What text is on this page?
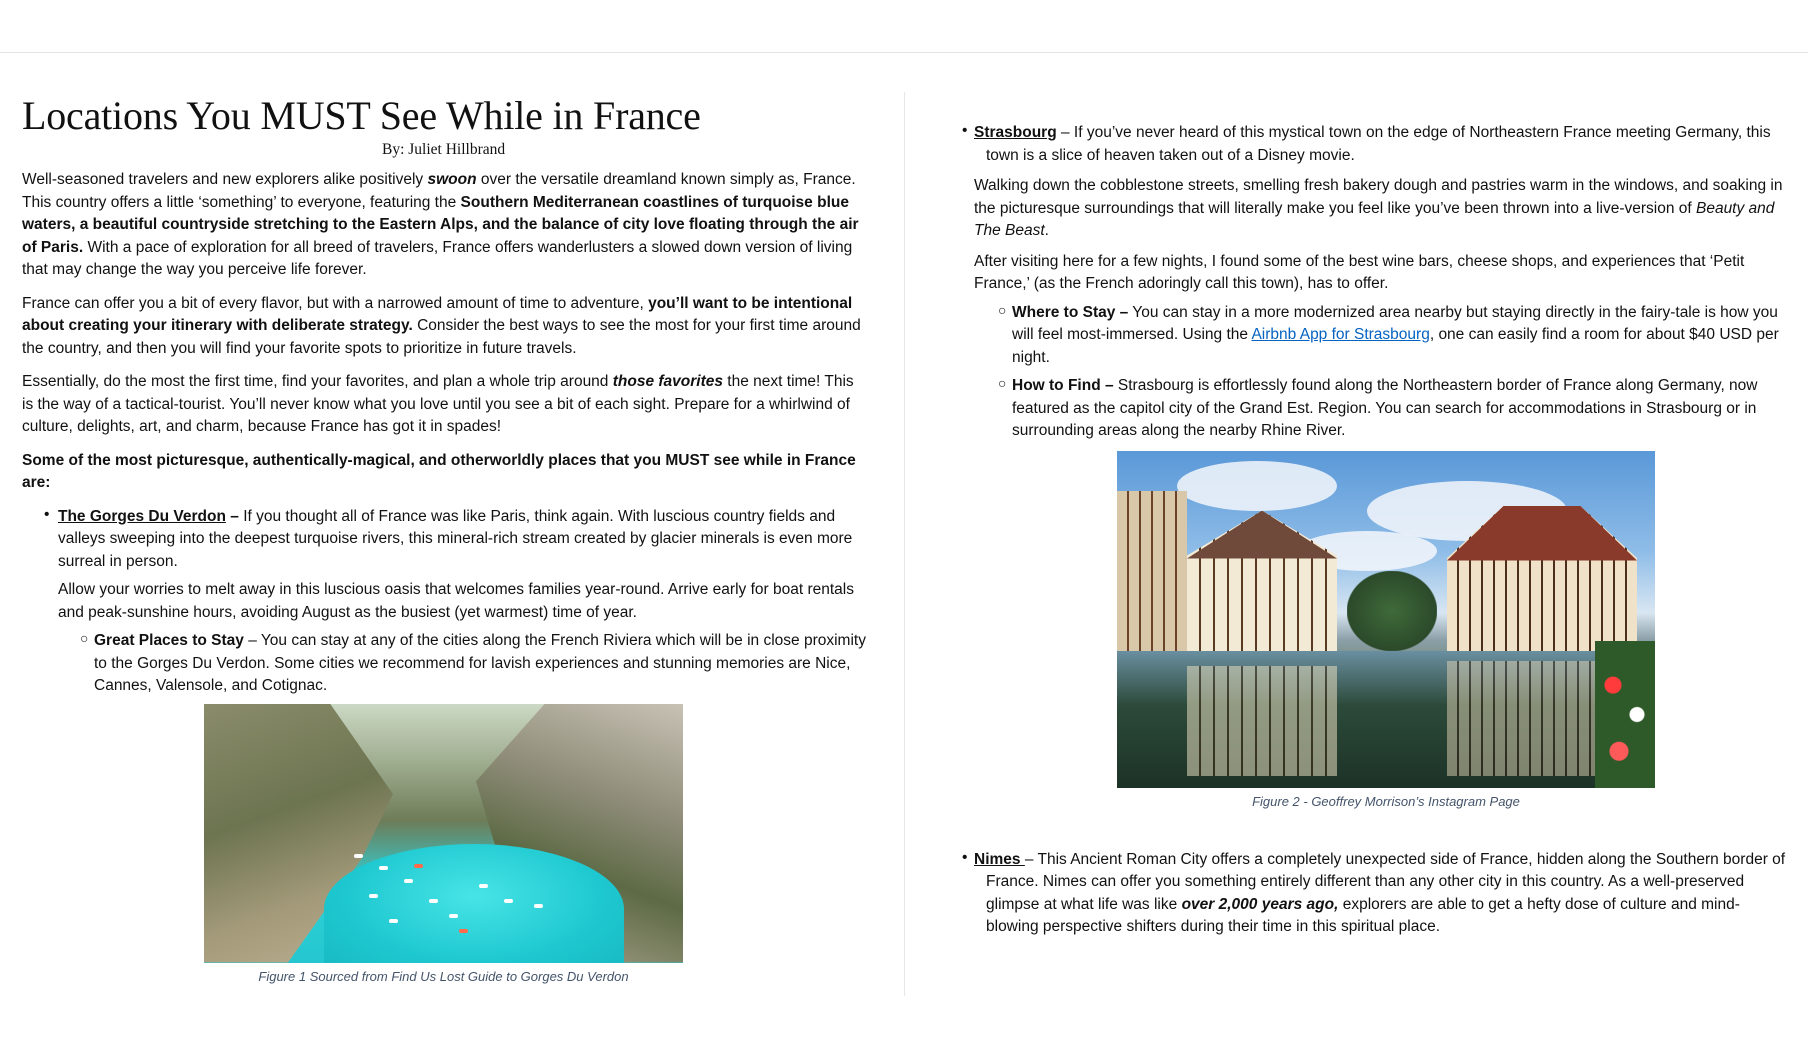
Locations You MUST See While in France

By: Juliet Hillbrand

Well-seasoned travelers and new explorers alike positively swoon over the versatile dreamland known simply as, France. This country offers a little ‘something’ to everyone, featuring the Southern Mediterranean coastlines of turquoise blue waters, a beautiful countryside stretching to the Eastern Alps, and the balance of city love floating through the air of Paris. With a pace of exploration for all breed of travelers, France offers wanderlusters a slowed down version of living that may change the way you perceive life forever.

France can offer you a bit of every flavor, but with a narrowed amount of time to adventure, you’ll want to be intentional about creating your itinerary with deliberate strategy. Consider the best ways to see the most for your first time around the country, and then you will find your favorite spots to prioritize in future travels.

Essentially, do the most the first time, find your favorites, and plan a whole trip around those favorites the next time! This is the way of a tactical-tourist. You’ll never know what you love until you see a bit of each sight. Prepare for a whirlwind of culture, delights, art, and charm, because France has got it in spades!

Some of the most picturesque, authentically-magical, and otherworldly places that you MUST see while in France are:

• The Gorges Du Verdon – If you thought all of France was like Paris, think again. With luscious country fields and valleys sweeping into the deepest turquoise rivers, this mineral-rich stream created by glacier minerals is even more surreal in person.

Allow your worries to melt away in this luscious oasis that welcomes families year-round. Arrive early for boat rentals and peak-sunshine hours, avoiding August as the busiest (yet warmest) time of year.

○ Great Places to Stay – You can stay at any of the cities along the French Riviera which will be in close proximity to the Gorges Du Verdon. Some cities we recommend for lavish experiences and stunning memories are Nice, Cannes, Valensole, and Cotignac.

Figure 1 Sourced from Find Us Lost Guide to Gorges Du Verdon
• Strasbourg – If you’ve never heard of this mystical town on the edge of Northeastern France meeting Germany, this town is a slice of heaven taken out of a Disney movie.

Walking down the cobblestone streets, smelling fresh bakery dough and pastries warm in the windows, and soaking in the picturesque surroundings that will literally make you feel like you’ve been thrown into a live-version of Beauty and The Beast.

After visiting here for a few nights, I found some of the best wine bars, cheese shops, and experiences that ‘Petit France,’ (as the French adoringly call this town), has to offer.

○ Where to Stay – You can stay in a more modernized area nearby but staying directly in the fairy-tale is how you will feel most-immersed. Using the Airbnb App for Strasbourg, one can easily find a room for about $40 USD per night.

○ How to Find – Strasbourg is effortlessly found along the Northeastern border of France along Germany, now featured as the capitol city of the Grand Est. Region. You can search for accommodations in Strasbourg or in surrounding areas along the nearby Rhine River.

Figure 2 - Geoffrey Morrison’s Instagram Page
• Nimes – This Ancient Roman City offers a completely unexpected side of France, hidden along the Southern border of France. Nimes can offer you something entirely different than any other city in this country. As a well-preserved glimpse at what life was like over 2,000 years ago, explorers are able to get a hefty dose of culture and mind-blowing perspective shifters during their time in this spiritual place.
